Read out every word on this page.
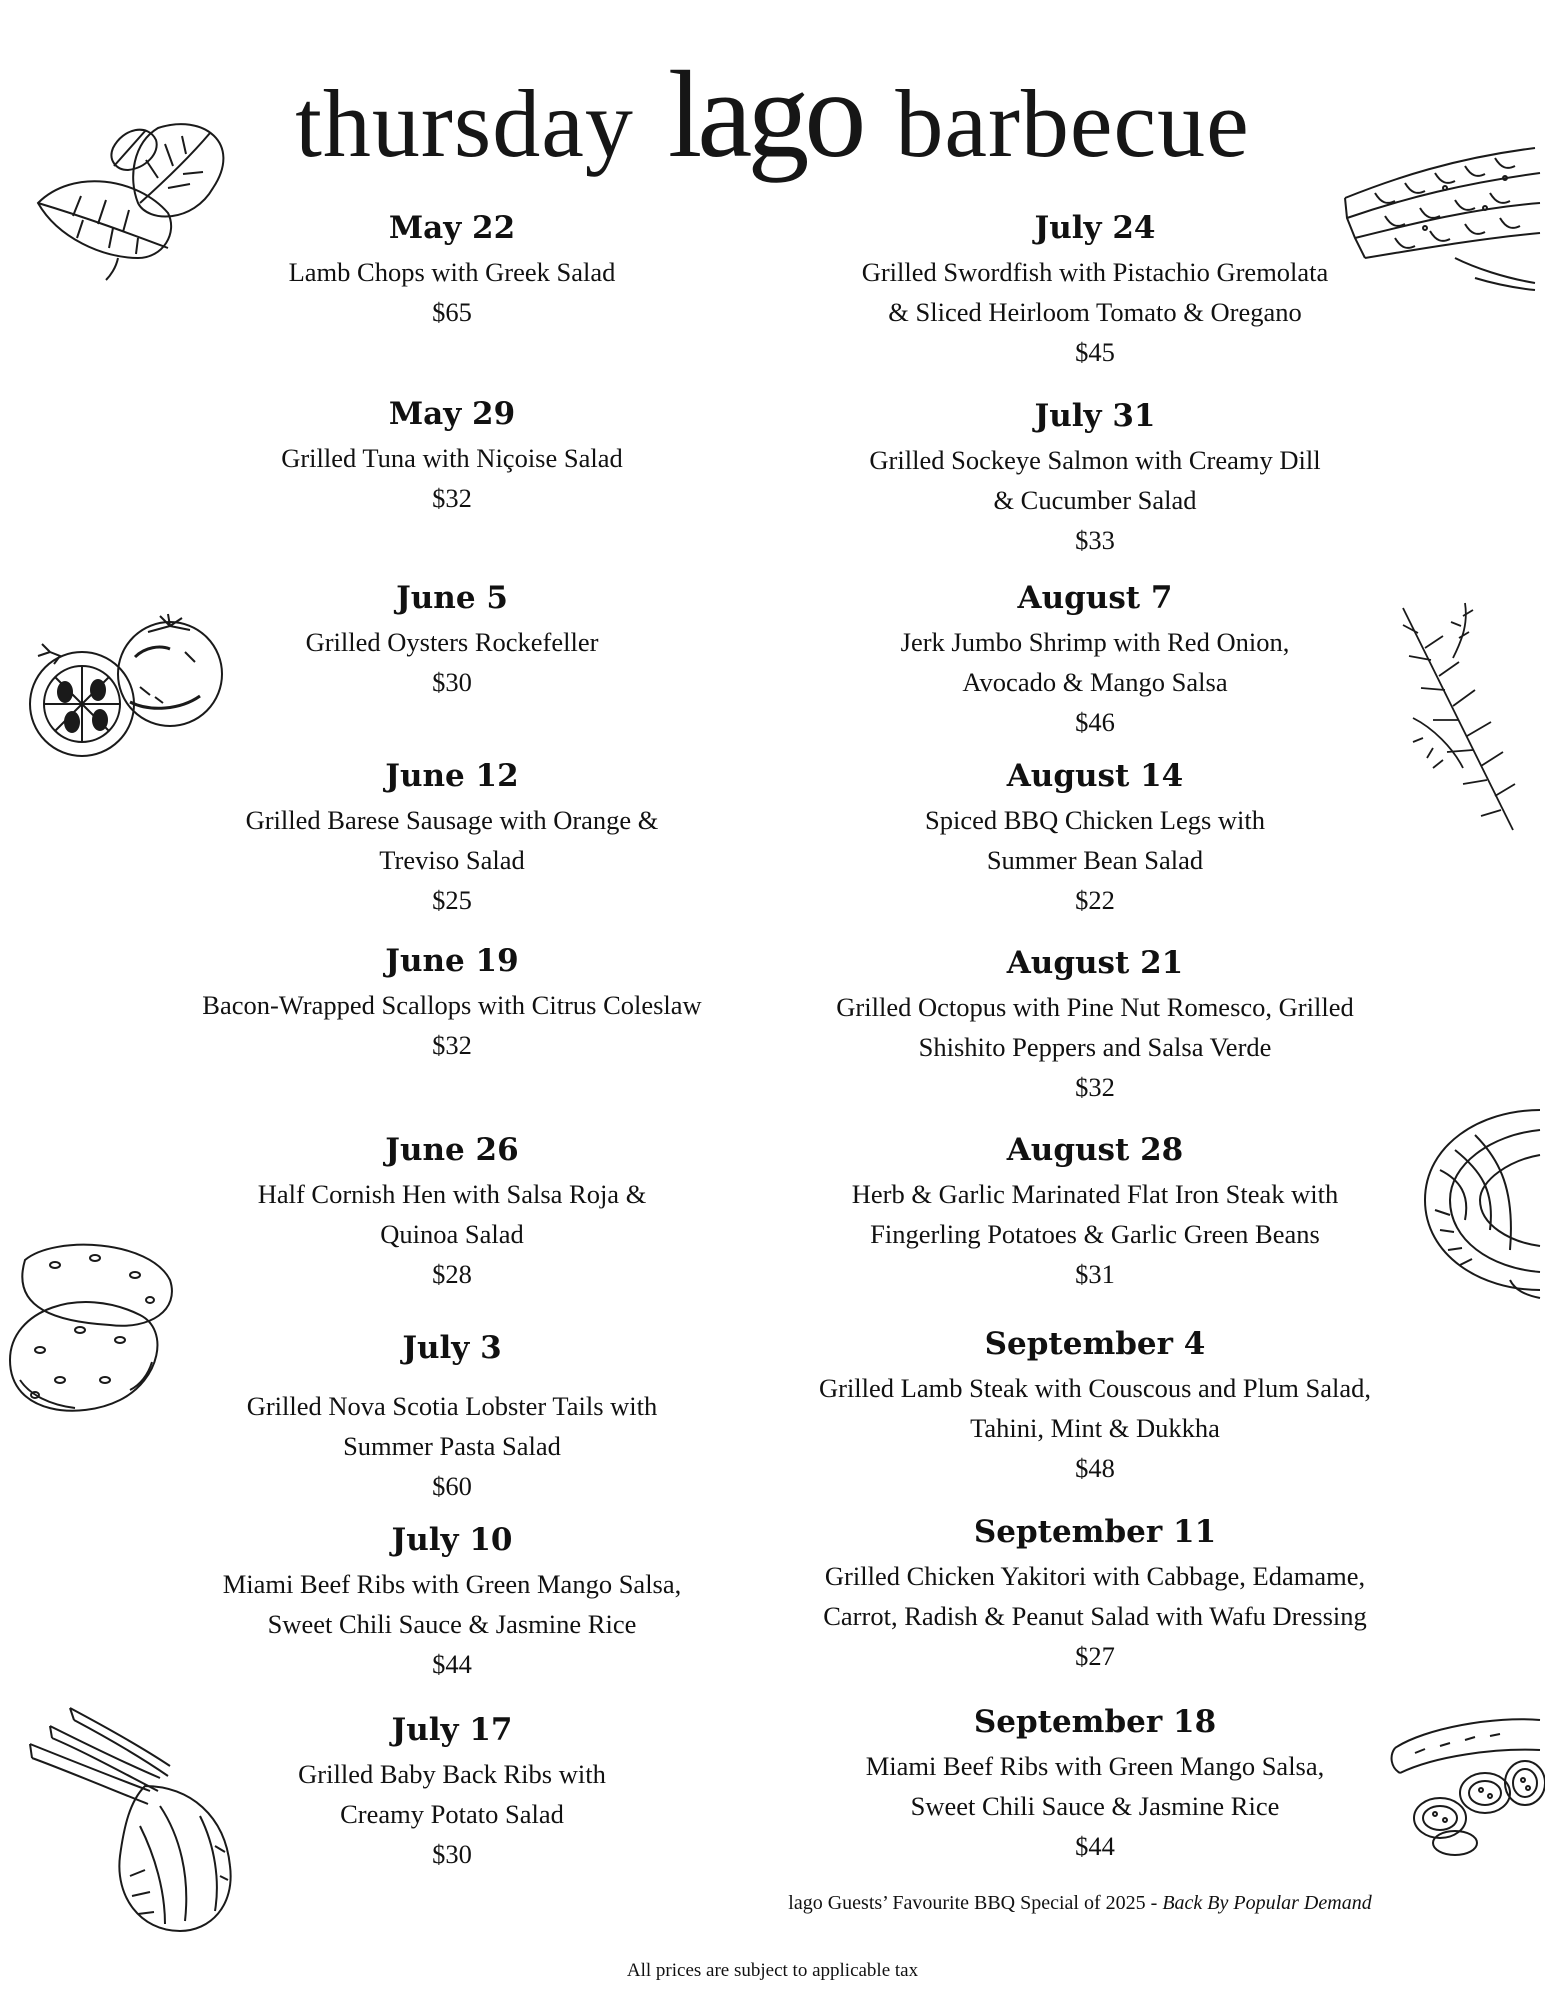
thursday lago barbecue
May 22
Lamb Chops with Greek Salad
$65
May 29
Grilled Tuna with Niçoise Salad
$32
June 5
Grilled Oysters Rockefeller
$30
June 12
Grilled Barese Sausage with Orange &
Treviso Salad
$25
June 19
Bacon-Wrapped Scallops with Citrus Coleslaw
$32
June 26
Half Cornish Hen with Salsa Roja &
Quinoa Salad
$28
July 3
Grilled Nova Scotia Lobster Tails with
Summer Pasta Salad
$60
July 10
Miami Beef Ribs with Green Mango Salsa,
Sweet Chili Sauce & Jasmine Rice
$44
July 17
Grilled Baby Back Ribs with
Creamy Potato Salad
$30
July 24
Grilled Swordfish with Pistachio Gremolata
& Sliced Heirloom Tomato & Oregano
$45
July 31
Grilled Sockeye Salmon with Creamy Dill
& Cucumber Salad
$33
August 7
Jerk Jumbo Shrimp with Red Onion,
Avocado & Mango Salsa
$46
August 14
Spiced BBQ Chicken Legs with
Summer Bean Salad
$22
August 21
Grilled Octopus with Pine Nut Romesco, Grilled
Shishito Peppers and Salsa Verde
$32
August 28
Herb & Garlic Marinated Flat Iron Steak with
Fingerling Potatoes & Garlic Green Beans
$31
September 4
Grilled Lamb Steak with Couscous and Plum Salad,
Tahini, Mint & Dukkha
$48
September 11
Grilled Chicken Yakitori with Cabbage, Edamame,
Carrot, Radish & Peanut Salad with Wafu Dressing
$27
September 18
Miami Beef Ribs with Green Mango Salsa,
Sweet Chili Sauce & Jasmine Rice
$44
lago Guests’ Favourite BBQ Special of 2025 - Back By Popular Demand
All prices are subject to applicable tax
